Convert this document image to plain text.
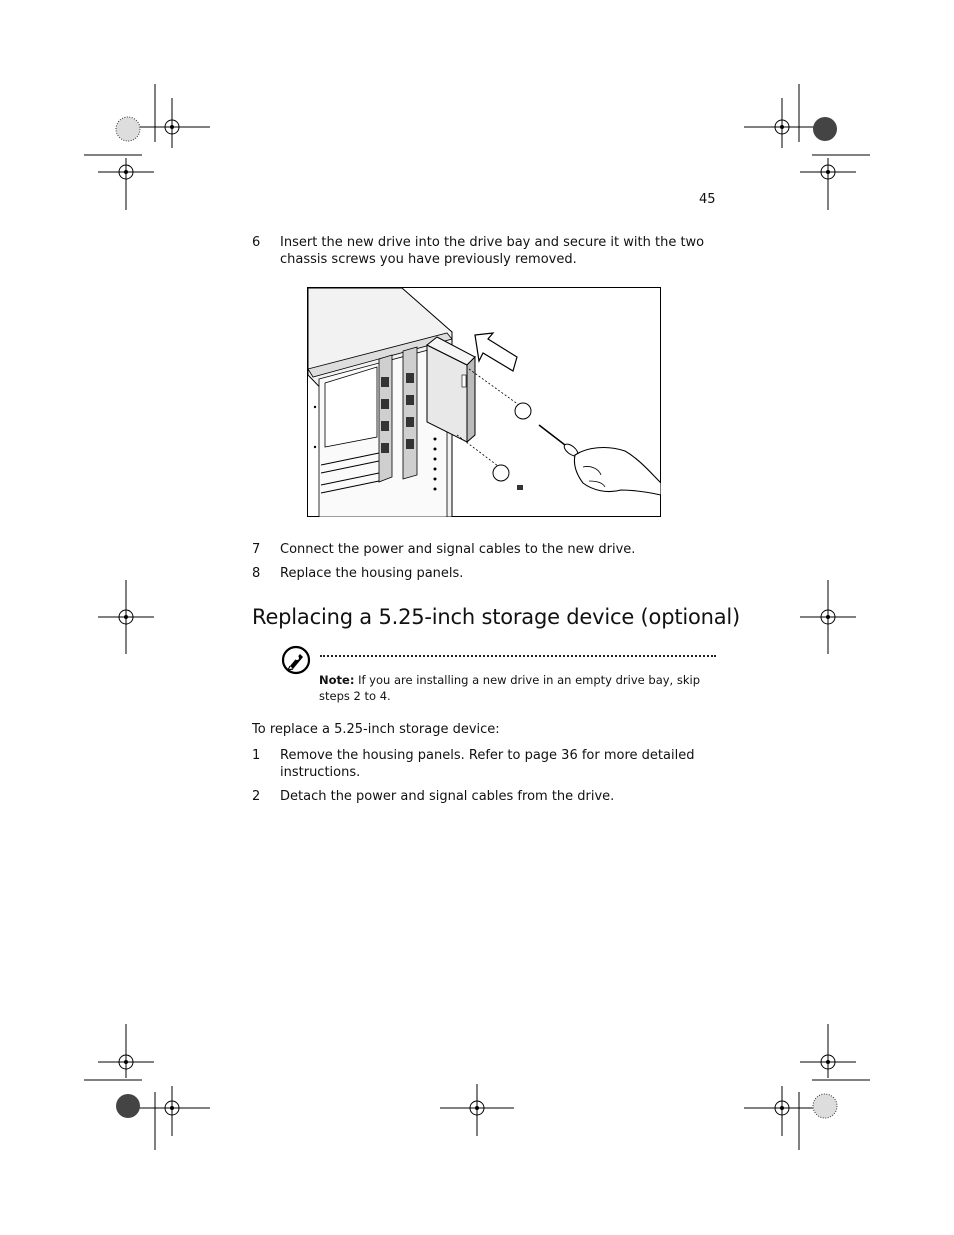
45
6 Insert the new drive into the drive bay and secure it with the two chassis screws you have previously removed.
7 Connect the power and signal cables to the new drive.
8 Replace the housing panels.
Replacing a 5.25-inch storage device (optional)
Note: If you are installing a new drive in an empty drive bay, skip steps 2 to 4.
To replace a 5.25-inch storage device:
1 Remove the housing panels. Refer to page 36 for more detailed instructions.
2 Detach the power and signal cables from the drive.
